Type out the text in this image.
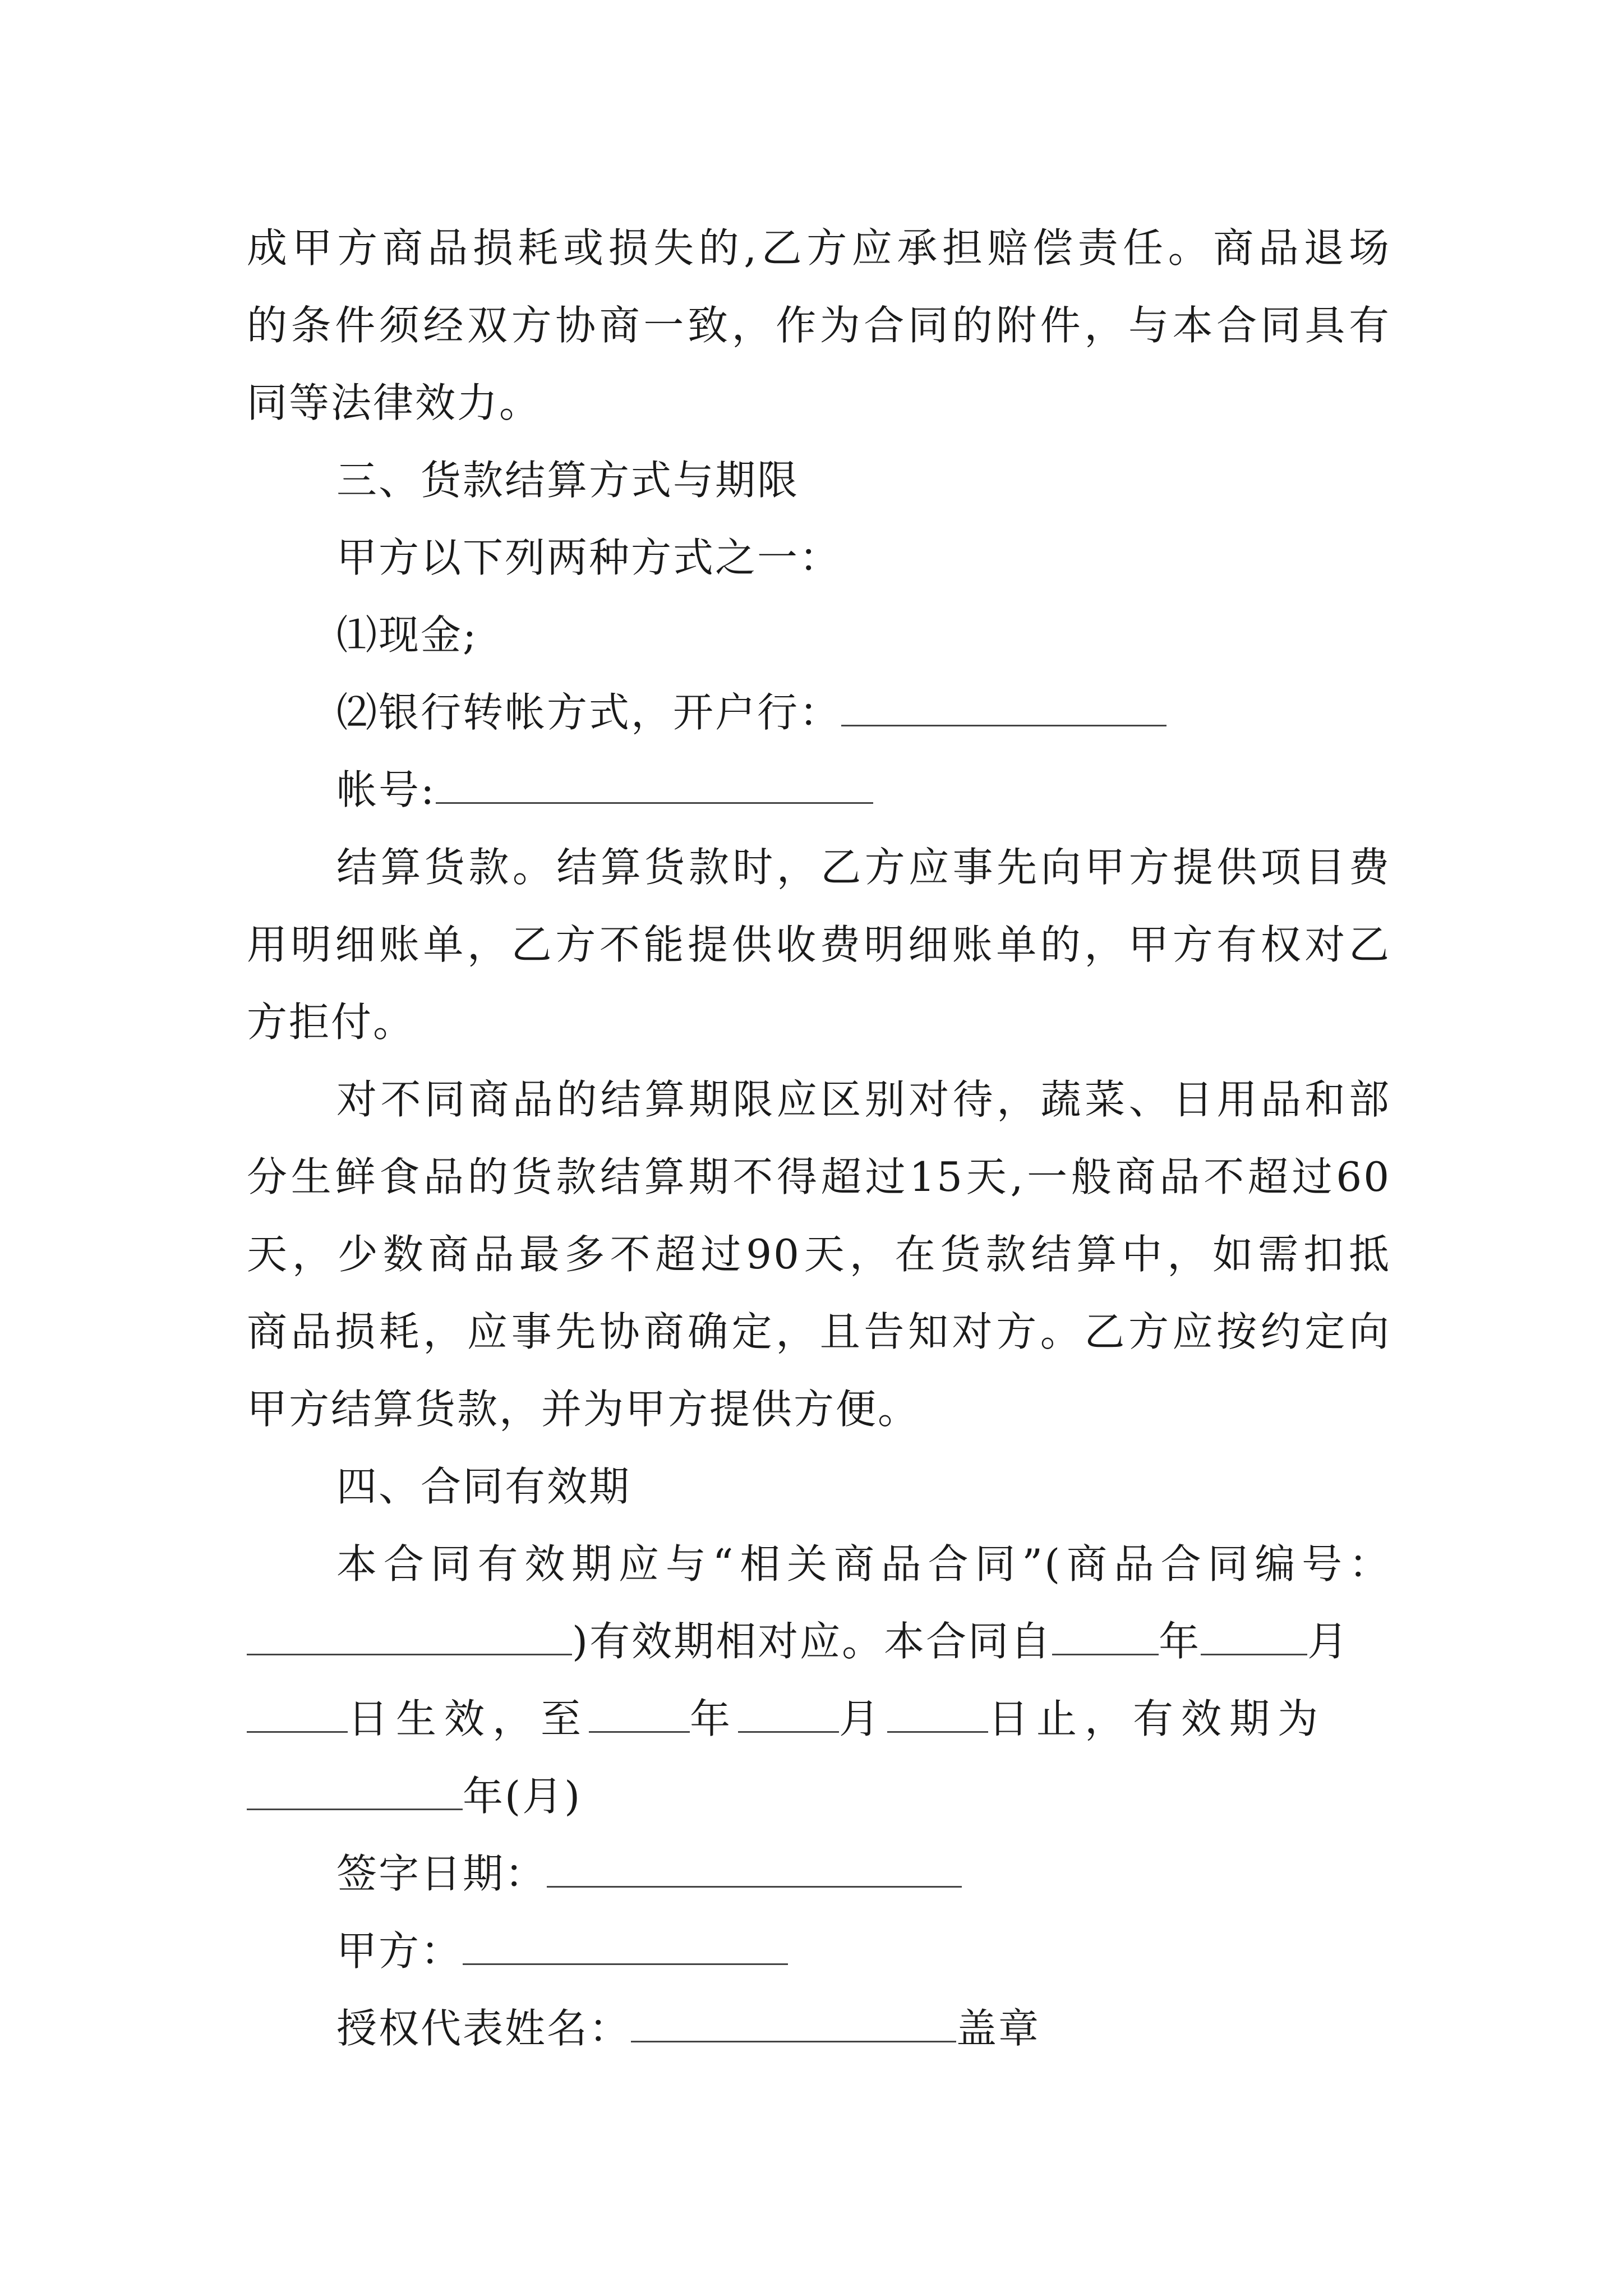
成甲方商品损耗或损失的,乙方应承担赔偿责任。商品退场
的条件须经双方协商一致，作为合同的附件，与本合同具有
同等法律效力。
三、货款结算方式与期限
甲方以下列两种方式之一：
⑴现金;
⑵银行转帐方式，开户行：
帐号:
结算货款。结算货款时，乙方应事先向甲方提供项目费
用明细账单，乙方不能提供收费明细账单的，甲方有权对乙
方拒付。
对不同商品的结算期限应区别对待，蔬菜、日用品和部
分生鲜食品的货款结算期不得超过15天,一般商品不超过60
天，少数商品最多不超过90天，在货款结算中，如需扣抵
商品损耗，应事先协商确定，且告知对方。乙方应按约定向
甲方结算货款，并为甲方提供方便。
四、合同有效期
本合同有效期应与“相关商品合同”(商品合同编号：
)有效期相对应。本合同自	年	月
日生效，至	年	月	日止，有效期为
年(月)
签字日期：
甲方：
授权代表姓名：	盖章
